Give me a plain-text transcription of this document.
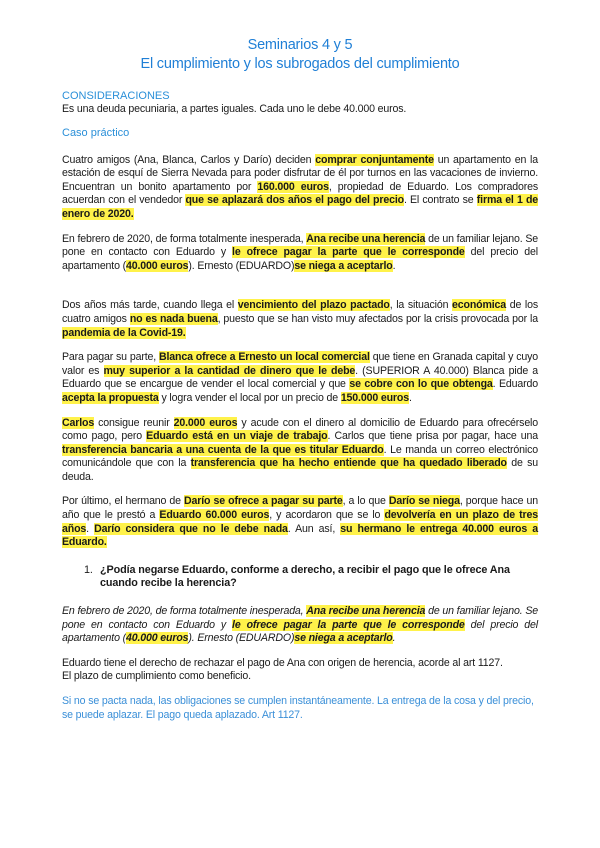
Seminarios 4 y 5
El cumplimiento y los subrogados del cumplimiento
CONSIDERACIONES

Es una deuda pecuniaria, a partes iguales. Cada uno le debe 40.000 euros.

Caso práctico

Cuatro amigos (Ana, Blanca, Carlos y Darío) deciden comprar conjuntamente un apartamento en la estación de esquí de Sierra Nevada para poder disfrutar de él por turnos en las vacaciones de invierno. Encuentran un bonito apartamento por 160.000 euros, propiedad de Eduardo. Los compradores acuerdan con el vendedor que se aplazará dos años el pago del precio. El contrato se firma el 1 de enero de 2020.

En febrero de 2020, de forma totalmente inesperada, Ana recibe una herencia de un familiar lejano. Se pone en contacto con Eduardo y le ofrece pagar la parte que le corresponde del precio del apartamento (40.000 euros). Ernesto (EDUARDO)se niega a aceptarlo.

Dos años más tarde, cuando llega el vencimiento del plazo pactado, la situación económica de los cuatro amigos no es nada buena, puesto que se han visto muy afectados por la crisis provocada por la pandemia de la Covid-19.

Para pagar su parte, Blanca ofrece a Ernesto un local comercial que tiene en Granada capital y cuyo valor es muy superior a la cantidad de dinero que le debe. (SUPERIOR A 40.000) Blanca pide a Eduardo que se encargue de vender el local comercial y que se cobre con lo que obtenga. Eduardo acepta la propuesta y logra vender el local por un precio de 150.000 euros.

Carlos consigue reunir 20.000 euros y acude con el dinero al domicilio de Eduardo para ofrecérselo como pago, pero Eduardo está en un viaje de trabajo. Carlos que tiene prisa por pagar, hace una transferencia bancaria a una cuenta de la que es titular Eduardo. Le manda un correo electrónico comunicándole que con la transferencia que ha hecho entiende que ha quedado liberado de su deuda.

Por último, el hermano de Darío se ofrece a pagar su parte, a lo que Darío se niega, porque hace un año que le prestó a Eduardo 60.000 euros, y acordaron que se lo devolvería en un plazo de tres años. Darío considera que no le debe nada. Aun así, su hermano le entrega 40.000 euros a Eduardo.

1. ¿Podía negarse Eduardo, conforme a derecho, a recibir el pago que le ofrece Ana cuando recibe la herencia?

En febrero de 2020, de forma totalmente inesperada, Ana recibe una herencia de un familiar lejano. Se pone en contacto con Eduardo y le ofrece pagar la parte que le corresponde del precio del apartamento (40.000 euros). Ernesto (EDUARDO)se niega a aceptarlo.

Eduardo tiene el derecho de rechazar el pago de Ana con origen de herencia, acorde al art 1127.

El plazo de cumplimiento como beneficio.

Si no se pacta nada, las obligaciones se cumplen instantáneamente. La entrega de la cosa y del precio, se puede aplazar. El pago queda aplazado. Art 1127.
